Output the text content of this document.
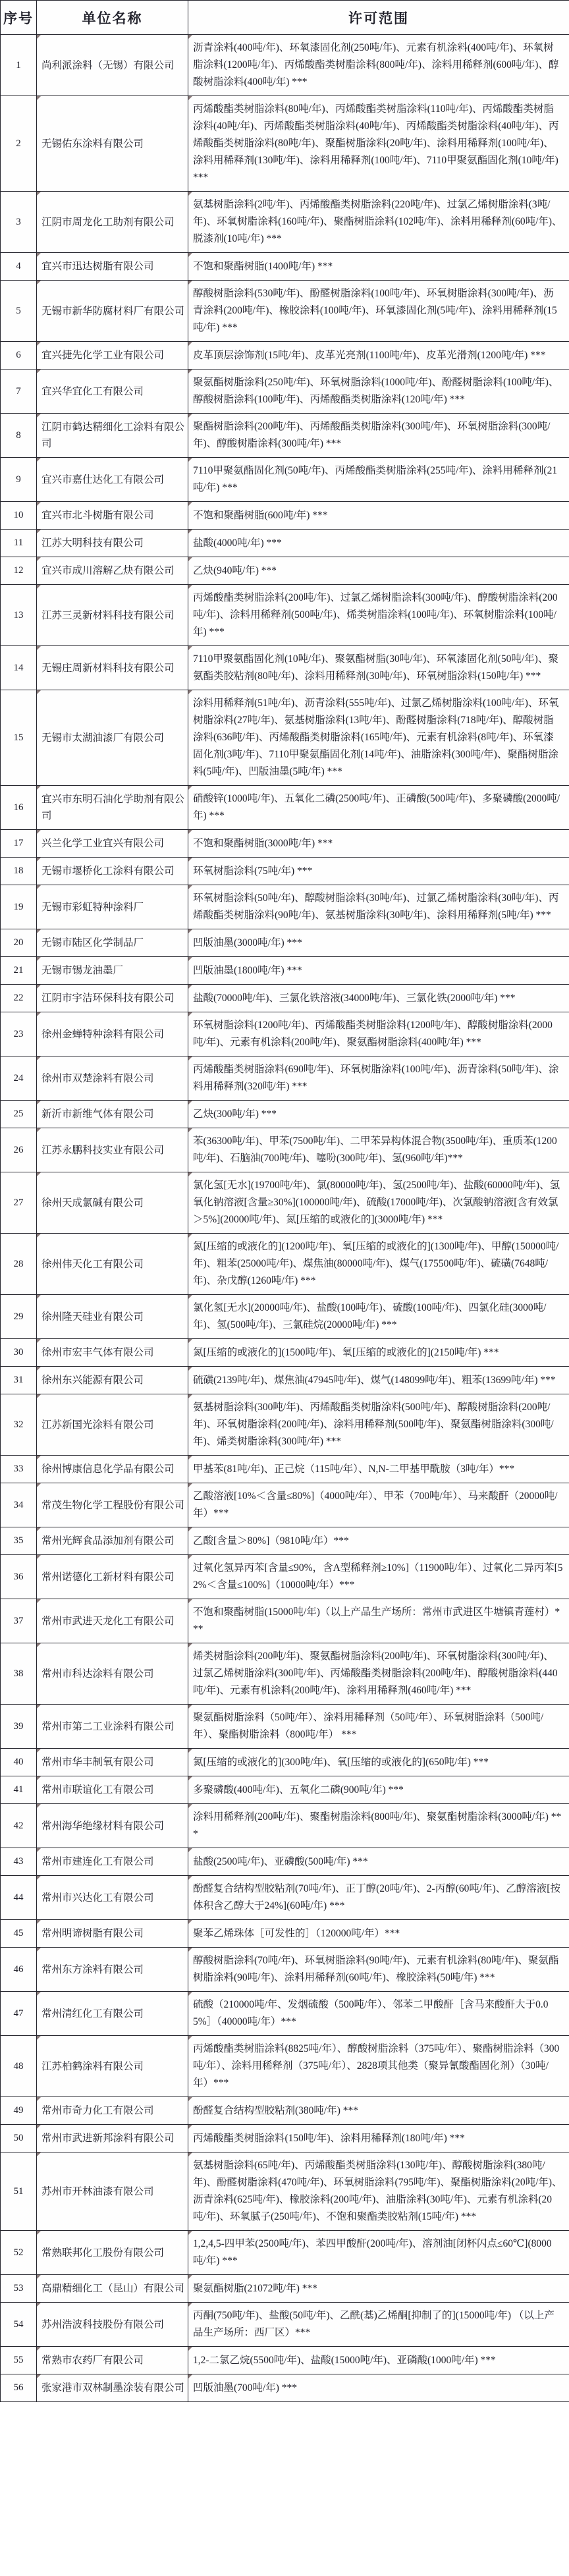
序号	单位名称	许可范围
1	尚利派涂料（无锡）有限公司	沥青涂料(400吨/年)、环氧漆固化剂(250吨/年)、元素有机涂料(400吨/年)、环氧树脂涂料(1200吨/年)、丙烯酸酯类树脂涂料(800吨/年)、涂料用稀释剂(600吨/年)、醇酸树脂涂料(400吨/年) ***
2	无锡佑东涂料有限公司	丙烯酸酯类树脂涂料(80吨/年)、丙烯酸酯类树脂涂料(110吨/年)、丙烯酸酯类树脂涂料(40吨/年)、丙烯酸酯类树脂涂料(40吨/年)、丙烯酸酯类树脂涂料(40吨/年)、丙烯酸酯类树脂涂料(80吨/年)、聚酯树脂涂料(20吨/年)、涂料用稀释剂(100吨/年)、涂料用稀释剂(130吨/年)、涂料用稀释剂(100吨/年)、7110甲聚氨酯固化剂(10吨/年) ***
3	江阴市周龙化工助剂有限公司	氨基树脂涂料(2吨/年)、丙烯酸酯类树脂涂料(220吨/年)、过氯乙烯树脂涂料(3吨/年)、环氧树脂涂料(160吨/年)、聚酯树脂涂料(102吨/年)、涂料用稀释剂(60吨/年)、脱漆剂(10吨/年) ***
4	宜兴市迅达树脂有限公司	不饱和聚酯树脂(1400吨/年) ***
5	无锡市新华防腐材料厂有限公司	醇酸树脂涂料(530吨/年)、酚醛树脂涂料(100吨/年)、环氧树脂涂料(300吨/年)、沥青涂料(200吨/年)、橡胶涂料(100吨/年)、环氧漆固化剂(5吨/年)、涂料用稀释剂(15吨/年) ***
6	宜兴捷先化学工业有限公司	皮革顶层涂饰剂(15吨/年)、皮革光亮剂(1100吨/年)、皮革光滑剂(1200吨/年) ***
7	宜兴华宜化工有限公司	聚氨酯树脂涂料(250吨/年)、环氧树脂涂料(1000吨/年)、酚醛树脂涂料(100吨/年)、醇酸树脂涂料(100吨/年)、丙烯酸酯类树脂涂料(120吨/年) ***
8	江阴市鹤达精细化工涂料有限公司	聚酯树脂涂料(200吨/年)、丙烯酸酯类树脂涂料(300吨/年)、环氧树脂涂料(300吨/年)、醇酸树脂涂料(300吨/年) ***
9	宜兴市嘉仕达化工有限公司	7110甲聚氨酯固化剂(50吨/年)、丙烯酸酯类树脂涂料(255吨/年)、涂料用稀释剂(21吨/年) ***
10	宜兴市北斗树脂有限公司	不饱和聚酯树脂(600吨/年) ***
11	江苏大明科技有限公司	盐酸(4000吨/年) ***
12	宜兴市成川溶解乙炔有限公司	乙炔(940吨/年) ***
13	江苏三灵新材料科技有限公司	丙烯酸酯类树脂涂料(200吨/年)、过氯乙烯树脂涂料(300吨/年)、醇酸树脂涂料(200吨/年)、涂料用稀释剂(500吨/年)、烯类树脂涂料(100吨/年)、环氧树脂涂料(100吨/年) ***
14	无锡庄周新材料科技有限公司	7110甲聚氨酯固化剂(10吨/年)、聚氨酯树脂(30吨/年)、环氧漆固化剂(50吨/年)、聚氨酯类胶粘剂(80吨/年)、涂料用稀释剂(30吨/年)、环氧树脂涂料(150吨/年) ***
15	无锡市太湖油漆厂有限公司	涂料用稀释剂(51吨/年)、沥青涂料(555吨/年)、过氯乙烯树脂涂料(100吨/年)、环氧树脂涂料(27吨/年)、氨基树脂涂料(13吨/年)、酚醛树脂涂料(718吨/年)、醇酸树脂涂料(636吨/年)、丙烯酸酯类树脂涂料(165吨/年)、元素有机涂料(8吨/年)、环氧漆固化剂(3吨/年)、7110甲聚氨酯固化剂(14吨/年)、油脂涂料(300吨/年)、聚酯树脂涂料(5吨/年)、凹版油墨(5吨/年) ***
16	宜兴市东明石油化学助剂有限公司	硝酸锌(1000吨/年)、五氧化二磷(2500吨/年)、正磷酸(500吨/年)、多聚磷酸(2000吨/年) ***
17	兴兰化学工业宜兴有限公司	不饱和聚酯树脂(3000吨/年) ***
18	无锡市堰桥化工涂料有限公司	环氧树脂涂料(75吨/年) ***
19	无锡市彩虹特种涂料厂	环氧树脂涂料(50吨/年)、醇酸树脂涂料(30吨/年)、过氯乙烯树脂涂料(30吨/年)、丙烯酸酯类树脂涂料(90吨/年)、氨基树脂涂料(30吨/年)、涂料用稀释剂(5吨/年) ***
20	无锡市陆区化学制品厂	凹版油墨(3000吨/年) ***
21	无锡市锡龙油墨厂	凹版油墨(1800吨/年) ***
22	江阴市宇洁环保科技有限公司	盐酸(70000吨/年)、三氯化铁溶液(34000吨/年)、三氯化铁(2000吨/年) ***
23	徐州金蝉特种涂料有限公司	环氧树脂涂料(1200吨/年)、丙烯酸酯类树脂涂料(1200吨/年)、醇酸树脂涂料(2000吨/年)、元素有机涂料(200吨/年)、聚氨酯树脂涂料(400吨/年) ***
24	徐州市双楚涂料有限公司	丙烯酸酯类树脂涂料(690吨/年)、环氧树脂涂料(100吨/年)、沥青涂料(50吨/年)、涂料用稀释剂(320吨/年) ***
25	新沂市新维气体有限公司	乙炔(300吨/年) ***
26	江苏永鹏科技实业有限公司	苯(36300吨/年)、甲苯(7500吨/年)、二甲苯异构体混合物(3500吨/年)、重质苯(1200吨/年)、石脑油(700吨/年)、噻吩(300吨/年)、氢(960吨/年)***
27	徐州天成氯碱有限公司	氯化氢[无水](19700吨/年)、氯(80000吨/年)、氢(2500吨/年)、盐酸(60000吨/年)、氢氧化钠溶液[含量≥30%](100000吨/年)、硫酸(17000吨/年)、次氯酸钠溶液[含有效氯＞5%](20000吨/年)、氮[压缩的或液化的](3000吨/年) ***
28	徐州伟天化工有限公司	氮[压缩的或液化的](1200吨/年)、氧[压缩的或液化的](1300吨/年)、甲醇(150000吨/年)、粗苯(25000吨/年)、煤焦油(80000吨/年)、煤气(175500吨/年)、硫磺(7648吨/年)、杂戊醇(1260吨/年) ***
29	徐州隆天硅业有限公司	氯化氢[无水](20000吨/年)、盐酸(100吨/年)、硫酸(100吨/年)、四氯化硅(3000吨/年)、氢(500吨/年)、三氯硅烷(20000吨/年) ***
30	徐州市宏丰气体有限公司	氮[压缩的或液化的](1500吨/年)、氧[压缩的或液化的](2150吨/年) ***
31	徐州东兴能源有限公司	硫磺(2139吨/年)、煤焦油(47945吨/年)、煤气(148099吨/年)、粗苯(13699吨/年) ***
32	江苏新国光涂料有限公司	氨基树脂涂料(300吨/年)、丙烯酸酯类树脂涂料(500吨/年)、醇酸树脂涂料(200吨/年)、环氧树脂涂料(200吨/年)、涂料用稀释剂(500吨/年)、聚氨酯树脂涂料(300吨/年)、烯类树脂涂料(300吨/年) ***
33	徐州博康信息化学品有限公司	甲基苯(81吨/年)、正己烷（115吨/年）、N,N-二甲基甲酰胺（3吨/年）***
34	常茂生物化学工程股份有限公司	乙酸溶液[10%＜含量≤80%]（4000吨/年）、甲苯（700吨/年）、马来酸酐（20000吨/年）***
35	常州光辉食品添加剂有限公司	乙酸[含量＞80%]（9810吨/年）***
36	常州诺德化工新材料有限公司	过氧化氢异丙苯[含量≤90%，含A型稀释剂≥10%]（11900吨/年）、过氧化二异丙苯[52%＜含量≤100%]（10000吨/年）***
37	常州市武进天龙化工有限公司	不饱和聚酯树脂(15000吨/年)（以上产品生产场所：常州市武进区牛塘镇青莲村）***
38	常州市科达涂料有限公司	烯类树脂涂料(200吨/年)、聚氨酯树脂涂料(200吨/年)、环氧树脂涂料(300吨/年)、过氯乙烯树脂涂料(300吨/年)、丙烯酸酯类树脂涂料(200吨/年)、醇酸树脂涂料(440吨/年)、元素有机涂料(200吨/年)、涂料用稀释剂(460吨/年) ***
39	常州市第二工业涂料有限公司	聚氨酯树脂涂料（50吨/年）、涂料用稀释剂（50吨/年）、环氧树脂涂料（500吨/年）、聚酯树脂涂料（800吨/年） ***
40	常州市华丰制氧有限公司	氮[压缩的或液化的](300吨/年)、氧[压缩的或液化的](650吨/年) ***
41	常州市联谊化工有限公司	多聚磷酸(400吨/年)、五氧化二磷(900吨/年) ***
42	常州海华绝缘材料有限公司	涂料用稀释剂(200吨/年)、聚酯树脂涂料(800吨/年)、聚氨酯树脂涂料(3000吨/年) ***
43	常州市建连化工有限公司	盐酸(2500吨/年)、亚磷酸(500吨/年) ***
44	常州市兴达化工有限公司	酚醛复合结构型胶粘剂(70吨/年)、正丁醇(20吨/年)、2-丙醇(60吨/年)、乙醇溶液[按体积含乙醇大于24%](60吨/年) ***
45	常州明谛树脂有限公司	聚苯乙烯珠体［可发性的］（120000吨/年）***
46	常州东方涂料有限公司	醇酸树脂涂料(70吨/年)、环氧树脂涂料(90吨/年)、元素有机涂料(80吨/年)、聚氨酯树脂涂料(90吨/年)、涂料用稀释剂(60吨/年)、橡胶涂料(50吨/年) ***
47	常州清红化工有限公司	硫酸（210000吨/年、发烟硫酸（500吨/年）、邻苯二甲酸酐［含马来酸酐大于0.05%］（40000吨/年）***
48	江苏柏鹤涂料有限公司	丙烯酸酯类树脂涂料(8825吨/年）、醇酸树脂涂料（375吨/年）、聚酯树脂涂料（300吨/年）、涂料用稀释剂（375吨/年）、2828项其他类（聚异氰酸酯固化剂）（30吨/年）***
49	常州市奇力化工有限公司	酚醛复合结构型胶粘剂(380吨/年) ***
50	常州市武进新邦涂料有限公司	丙烯酸酯类树脂涂料(150吨/年)、涂料用稀释剂(180吨/年) ***
51	苏州市开林油漆有限公司	氨基树脂涂料(65吨/年)、丙烯酸酯类树脂涂料(130吨/年)、醇酸树脂涂料(380吨/年)、酚醛树脂涂料(470吨/年)、环氧树脂涂料(795吨/年)、聚酯树脂涂料(20吨/年)、沥青涂料(625吨/年)、橡胶涂料(200吨/年)、油脂涂料(30吨/年)、元素有机涂料(20吨/年)、环氧腻子(250吨/年)、不饱和聚酯类胶粘剂(15吨/年) ***
52	常熟联邦化工股份有限公司	1,2,4,5-四甲苯(2500吨/年)、苯四甲酸酐(200吨/年)、溶剂油[闭杯闪点≤60℃](8000吨/年) ***
53	高鼎精细化工（昆山）有限公司	聚氨酯树脂(21072吨/年) ***
54	苏州浩波科技股份有限公司	丙酮(750吨/年)、盐酸(50吨/年)、乙酰(基)乙烯酮[抑制了的](15000吨/年) （以上产品生产场所：西厂区）***
55	常熟市农药厂有限公司	1,2-二氯乙烷(5500吨/年)、盐酸(15000吨/年)、亚磷酸(1000吨/年) ***
56	张家港市双林制墨涂装有限公司	凹版油墨(700吨/年) ***
